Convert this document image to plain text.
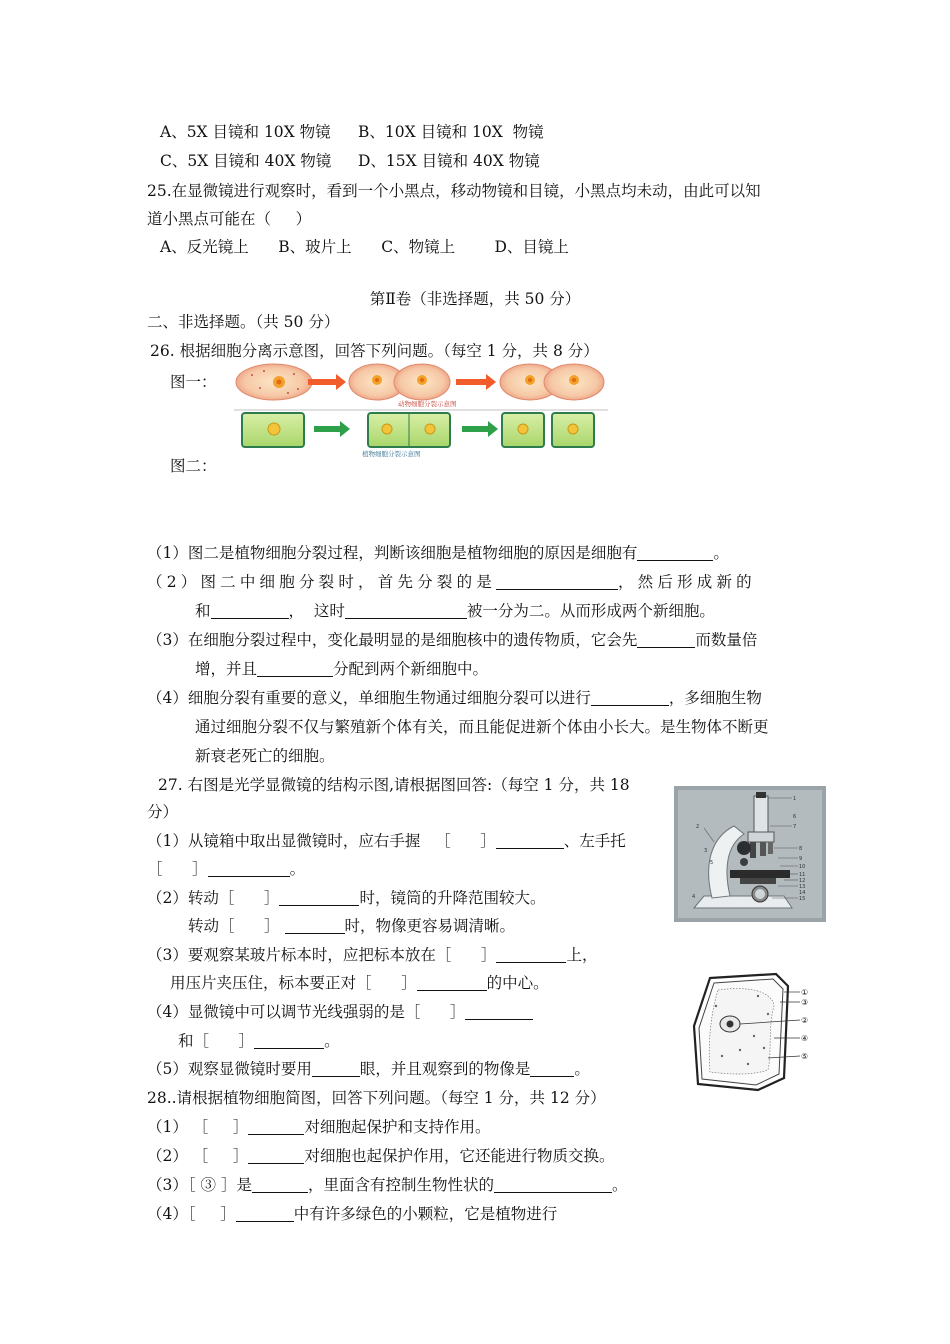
A、5X 目镜和 10X 物镜 B、10X 目镜和 10X  物镜
C、5X 目镜和 40X 物镜 D、15X 目镜和 40X 物镜
25.在显微镜进行观察时，看到一个小黑点，移动物镜和目镜，小黑点均未动，由此可以知
道小黑点可能在（     ）
A、反光镜上      B、玻片上      C、物镜上        D、目镜上
第Ⅱ卷（非选择题，共 50 分）
二、非选择题。（共 50 分）
26. 根据细胞分离示意图，回答下列问题。（每空 1 分，共 8 分）
图一：
图二：
动物细胞分裂示意图
植物细胞分裂示意图
（1）图二是植物细胞分裂过程，判断该细胞是植物细胞的原因是细胞有	。
（2）图二中细胞分裂时，首先分裂的是	，然后形成新的
和	，  这时	被一分为二。从而形成两个新细胞。
（3）在细胞分裂过程中，变化最明显的是细胞核中的遗传物质，它会先	而数量倍
增，并且	分配到两个新细胞中。
（4）细胞分裂有重要的意义，单细胞生物通过细胞分裂可以进行	，多细胞生物
通过细胞分裂不仅与繁殖新个体有关，而且能促进新个体由小长大。是生物体不断更
新衰老死亡的细胞。
27. 右图是光学显微镜的结构示图,请根据图回答:（每空 1 分，共 18
分）
（1）从镜箱中取出显微镜时，应右手握   ［      ］	、左手托
［      ］	。
（2）转动［      ］	时，镜筒的升降范围较大。
转动［      ］	时，物像更容易调清晰。
（3）要观察某玻片标本时，应把标本放在［      ］	上，
用压片夹压住，标本要正对［      ］	的中心。
（4）显微镜中可以调节光线强弱的是［      ］
和［      ］	。
（5）观察显微镜时要用	眼，并且观察到的物像是	。
1
2
3
4
5
6
7
8
9
10
11
12
13
14
15
①
③
②
④
⑤
28..请根据植物细胞简图，回答下列问题。（每空 1 分，共 12 分）
（1） ［     ］	对细胞起保护和支持作用。
（2） ［     ］	对细胞也起保护作用，它还能进行物质交换。
（3）［ ③ ］是	，里面含有控制生物性状的	。
（4）［     ］	中有许多绿色的小颗粒，它是植物进行
